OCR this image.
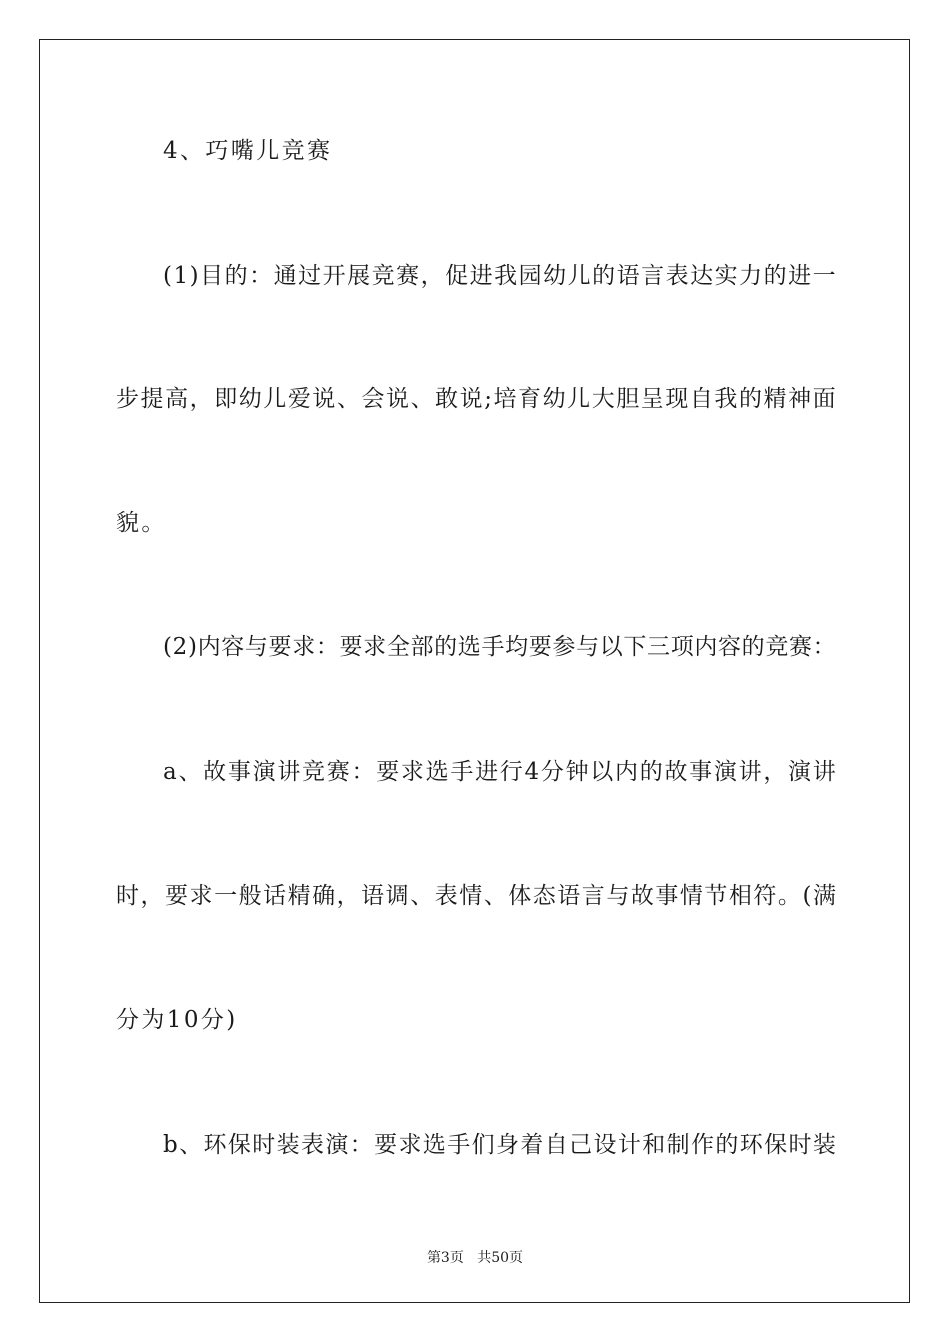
4、巧嘴儿竞赛
( 1 ) 目 的 ： 通 过 开 展 竞 赛 ， 促 进 我 园 幼 儿 的 语 言 表 达 实 力 的 进 一
步 提 高 ， 即 幼 儿 爱 说 、 会 说 、 敢 说 ; 培 育 幼 儿 大 胆 呈 现 自 我 的 精 神 面
貌。
( 2 ) 内 容 与 要 求 ： 要 求 全 部 的 选 手 均 要 参 与 以 下 三 项 内 容 的 竞 赛 ：
a 、 故 事 演 讲 竞 赛 ： 要 求 选 手 进 行 4 分 钟 以 内 的 故 事 演 讲 ， 演 讲
时 ， 要 求 一 般 话 精 确 ， 语 调 、 表 情 、 体 态 语 言 与 故 事 情 节 相 符 。 ( 满
分为10分)
b 、 环 保 时 装 表 演 ： 要 求 选 手 们 身 着 自 己 设 计 和 制 作 的 环 保 时 装
第3页 共50页
